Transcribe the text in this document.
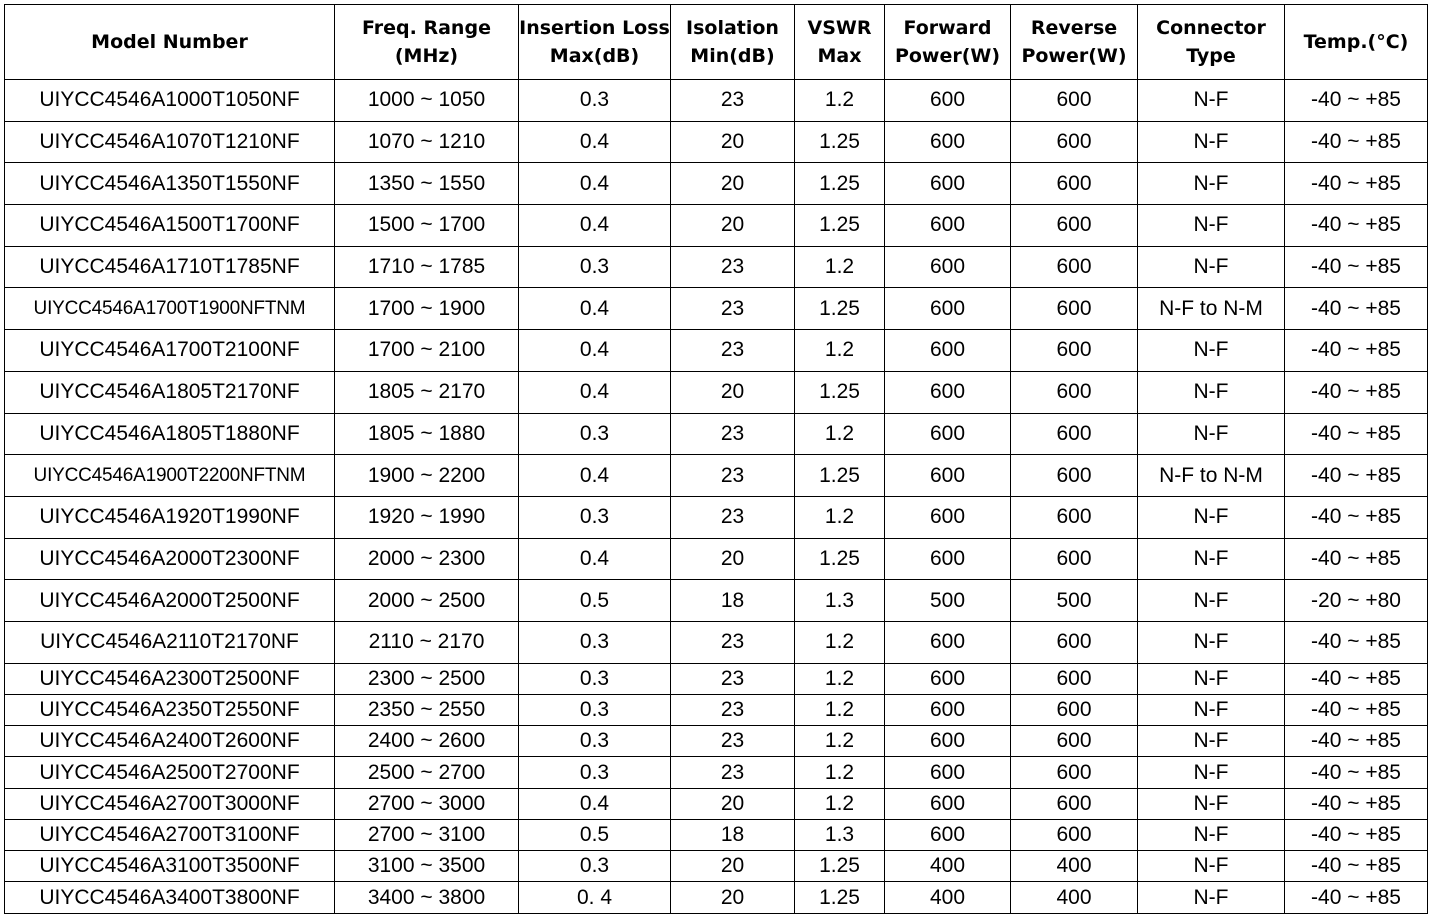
Model Number	Freq. Range (MHz)	Insertion Loss Max(dB)	Isolation Min(dB)	VSWR Max	Forward Power(W)	Reverse Power(W)	Connector Type	Temp.(°C)
UIYCC4546A1000T1050NF	1000 ~ 1050	0.3	23	1.2	600	600	N-F	-40 ~ +85
UIYCC4546A1070T1210NF	1070 ~ 1210	0.4	20	1.25	600	600	N-F	-40 ~ +85
UIYCC4546A1350T1550NF	1350 ~ 1550	0.4	20	1.25	600	600	N-F	-40 ~ +85
UIYCC4546A1500T1700NF	1500 ~ 1700	0.4	20	1.25	600	600	N-F	-40 ~ +85
UIYCC4546A1710T1785NF	1710 ~ 1785	0.3	23	1.2	600	600	N-F	-40 ~ +85
UIYCC4546A1700T1900NFTNM	1700 ~ 1900	0.4	23	1.25	600	600	N-F to N-M	-40 ~ +85
UIYCC4546A1700T2100NF	1700 ~ 2100	0.4	23	1.2	600	600	N-F	-40 ~ +85
UIYCC4546A1805T2170NF	1805 ~ 2170	0.4	20	1.25	600	600	N-F	-40 ~ +85
UIYCC4546A1805T1880NF	1805 ~ 1880	0.3	23	1.2	600	600	N-F	-40 ~ +85
UIYCC4546A1900T2200NFTNM	1900 ~ 2200	0.4	23	1.25	600	600	N-F to N-M	-40 ~ +85
UIYCC4546A1920T1990NF	1920 ~ 1990	0.3	23	1.2	600	600	N-F	-40 ~ +85
UIYCC4546A2000T2300NF	2000 ~ 2300	0.4	20	1.25	600	600	N-F	-40 ~ +85
UIYCC4546A2000T2500NF	2000 ~ 2500	0.5	18	1.3	500	500	N-F	-20 ~ +80
UIYCC4546A2110T2170NF	2110 ~ 2170	0.3	23	1.2	600	600	N-F	-40 ~ +85
UIYCC4546A2300T2500NF	2300 ~ 2500	0.3	23	1.2	600	600	N-F	-40 ~ +85
UIYCC4546A2350T2550NF	2350 ~ 2550	0.3	23	1.2	600	600	N-F	-40 ~ +85
UIYCC4546A2400T2600NF	2400 ~ 2600	0.3	23	1.2	600	600	N-F	-40 ~ +85
UIYCC4546A2500T2700NF	2500 ~ 2700	0.3	23	1.2	600	600	N-F	-40 ~ +85
UIYCC4546A2700T3000NF	2700 ~ 3000	0.4	20	1.2	600	600	N-F	-40 ~ +85
UIYCC4546A2700T3100NF	2700 ~ 3100	0.5	18	1.3	600	600	N-F	-40 ~ +85
UIYCC4546A3100T3500NF	3100 ~ 3500	0.3	20	1.25	400	400	N-F	-40 ~ +85
UIYCC4546A3400T3800NF	3400 ~ 3800	0. 4	20	1.25	400	400	N-F	-40 ~ +85
